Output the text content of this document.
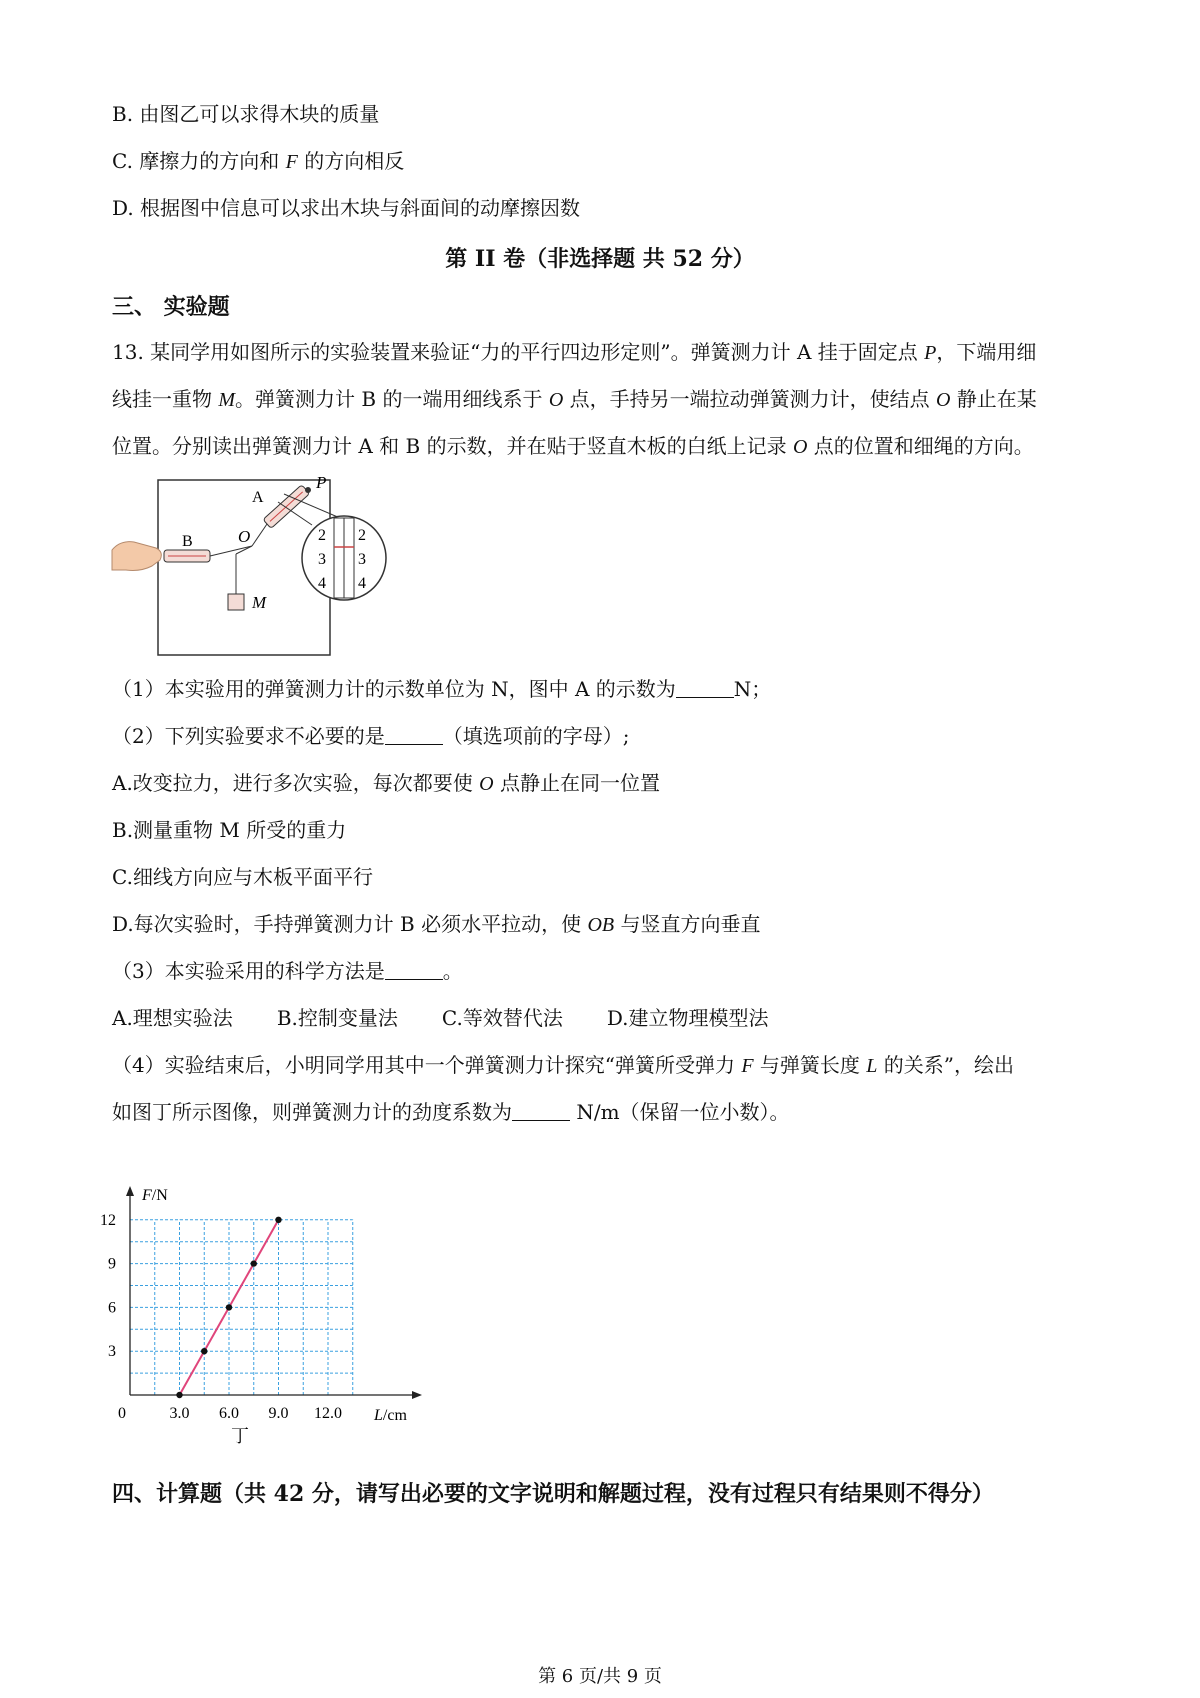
B. 由图乙可以求得木块的质量
C. 摩擦力的方向和 F 的方向相反
D. 根据图中信息可以求出木块与斜面间的动摩擦因数
第 II 卷（非选择题 共 52 分）
三、 实验题
13. 某同学用如图所示的实验装置来验证“力的平行四边形定则”。弹簧测力计 A 挂于固定点 P，下端用细
线挂一重物 M。弹簧测力计 B 的一端用细线系于 O 点，手持另一端拉动弹簧测力计，使结点 O 静止在某
位置。分别读出弹簧测力计 A 和 B 的示数，并在贴于竖直木板的白纸上记录 O 点的位置和细绳的方向。
B	O
A
P
M
2
3
4
2
3
4
（1）本实验用的弹簧测力计的示数单位为 N，图中 A 的示数为	N；
（2）下列实验要求不必要的是	（填选项前的字母）;
A.改变拉力，进行多次实验，每次都要使 O 点静止在同一位置
B.测量重物 M 所受的重力
C.细线方向应与木板平面平行
D.每次实验时，手持弹簧测力计 B 必须水平拉动，使 OB 与竖直方向垂直
（3）本实验采用的科学方法是	。
A.理想实验法 B.控制变量法 C.等效替代法 D.建立物理模型法
（4）实验结束后，小明同学用其中一个弹簧测力计探究“弹簧所受弹力 F 与弹簧长度 L 的关系”，绘出
如图丁所示图像，则弹簧测力计的劲度系数为	N/m（保留一位小数）。
F/N
L/cm
0
丁
3.0 6.0 9.0 12.0
3
6
9
12
四、计算题（共 42 分，请写出必要的文字说明和解题过程，没有过程只有结果则不得分）
第 6 页/共 9 页
